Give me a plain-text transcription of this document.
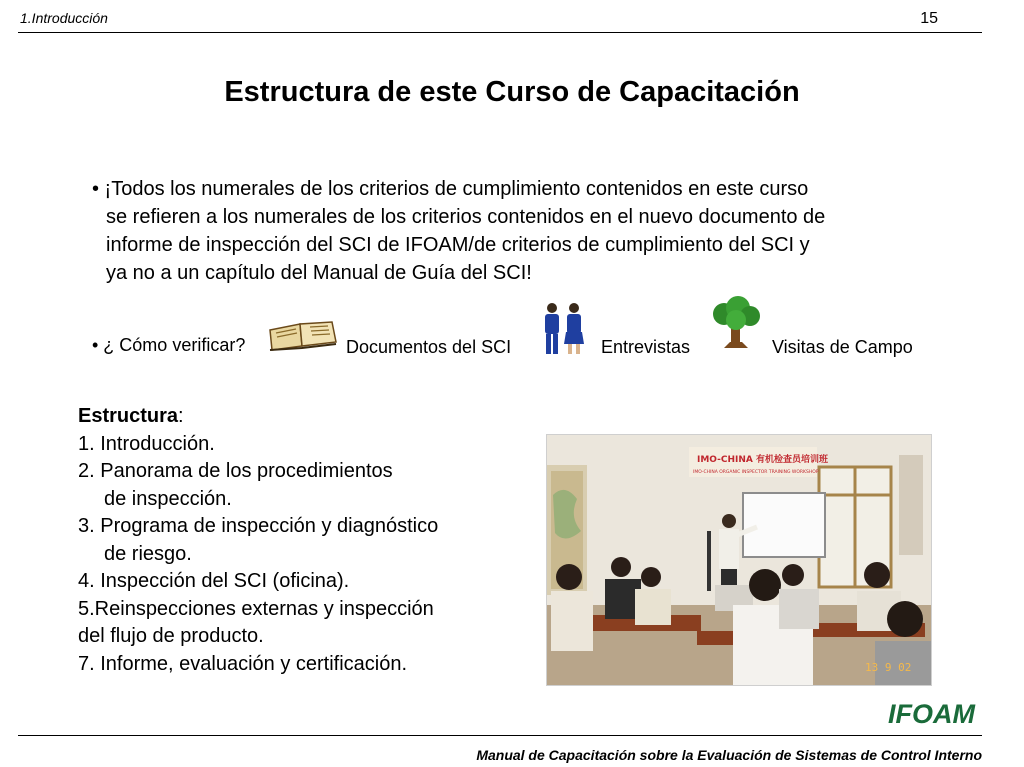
1.Introducción	15
Estructura de este Curso de Capacitación
• ¡Todos los numerales de los criterios de cumplimiento contenidos en este curso
se refieren a los numerales de los criterios contenidos en el nuevo documento de
informe de inspección del SCI de IFOAM/de criterios de cumplimiento del SCI y
ya no a un capítulo del Manual de Guía del SCI!
• ¿ Cómo verificar?	Documentos del SCI	Entrevistas	Visitas de Campo
Estructura:
1. Introducción.
2. Panorama de los procedimientos
de inspección.
3. Programa de inspección y diagnóstico
de riesgo.
4. Inspección del SCI (oficina).
5.Reinspecciones externas y inspección
del flujo de producto.
7. Informe, evaluación y certificación.
IMO-CHINA 有机检查员培训班
IMO-CHINA ORGANIC INSPECTOR TRAINING WORKSHOP
13 9 02
IFOAM
Manual de Capacitación sobre la Evaluación de Sistemas de Control Interno
